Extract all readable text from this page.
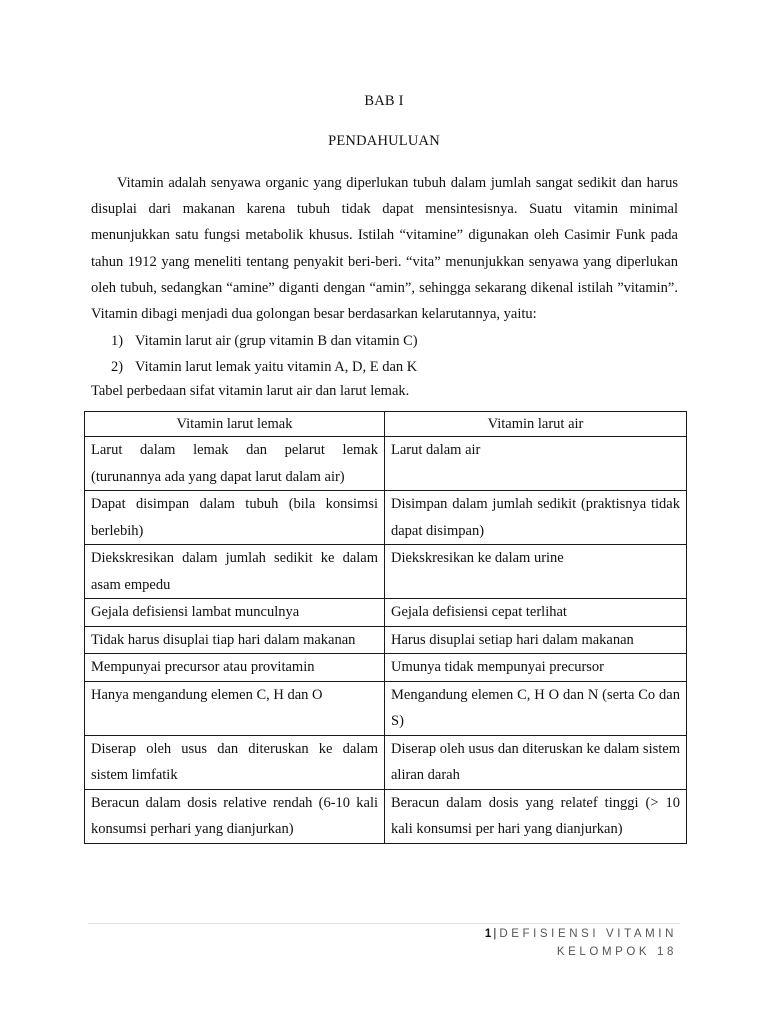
BAB I
PENDAHULUAN

Vitamin adalah senyawa organic yang diperlukan tubuh dalam jumlah sangat sedikit dan harus disuplai dari makanan karena tubuh tidak dapat mensintesisnya. Suatu vitamin minimal menunjukkan satu fungsi metabolik khusus. Istilah “vitamine” digunakan oleh Casimir Funk pada tahun 1912 yang meneliti tentang penyakit beri-beri. “vita” menunjukkan senyawa yang diperlukan oleh tubuh, sedangkan “amine” diganti dengan “amin”, sehingga sekarang dikenal istilah ”vitamin”. Vitamin dibagi menjadi dua golongan besar berdasarkan kelarutannya, yaitu:

1) Vitamin larut air (grup vitamin B dan vitamin C)
2) Vitamin larut lemak yaitu vitamin A, D, E dan K
Tabel perbedaan sifat vitamin larut air dan larut lemak.
Vitamin larut lemak	Vitamin larut air
Larut dalam lemak dan pelarut lemak (turunannya ada yang dapat larut dalam air)	Larut dalam air
Dapat disimpan dalam tubuh (bila konsimsi berlebih)	Disimpan dalam jumlah sedikit (praktisnya tidak dapat disimpan)
Diekskresikan dalam jumlah sedikit ke dalam asam empedu	Diekskresikan ke dalam urine
Gejala defisiensi lambat munculnya	Gejala defisiensi cepat terlihat
Tidak harus disuplai tiap hari dalam makanan	Harus disuplai setiap hari dalam makanan
Mempunyai precursor atau provitamin	Umunya tidak mempunyai precursor
Hanya mengandung elemen C, H dan O	Mengandung elemen C, H O dan N (serta Co dan S)
Diserap oleh usus dan diteruskan ke dalam sistem limfatik	Diserap oleh usus dan diteruskan ke dalam sistem aliran darah
Beracun dalam dosis relative rendah (6-10 kali konsumsi perhari yang dianjurkan)	Beracun dalam dosis yang relatef tinggi (> 10 kali konsumsi per hari yang dianjurkan)
1 | DEFISIENSI VITAMIN
KELOMPOK 18
